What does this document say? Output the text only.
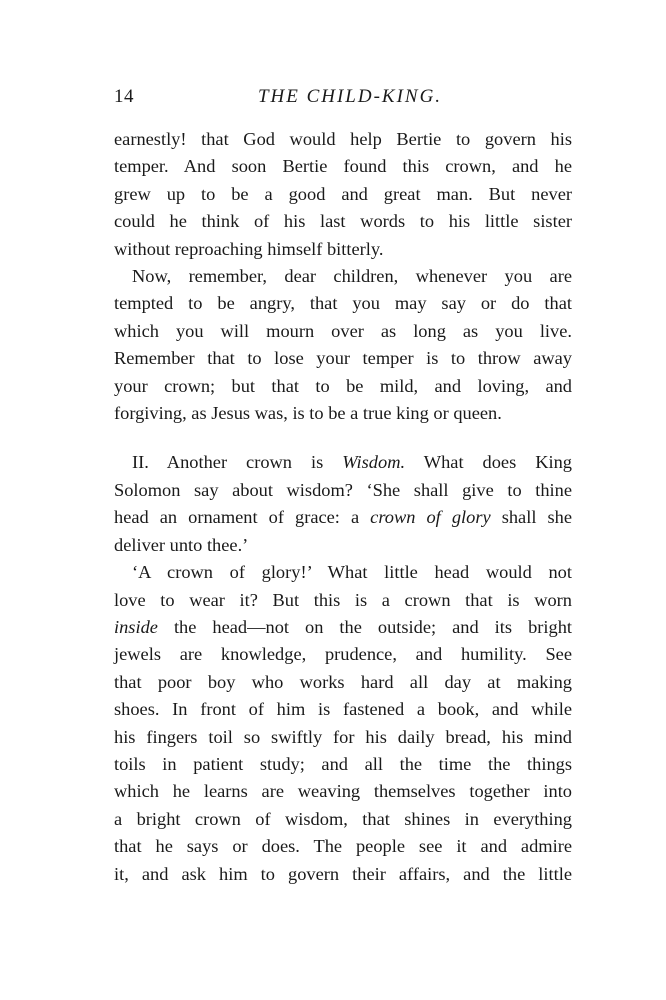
14	THE CHILD-KING.

earnestly! that God would help Bertie to govern his
temper. And soon Bertie found this crown, and he
grew up to be a good and great man. But never
could he think of his last words to his little sister
without reproaching himself bitterly.

Now, remember, dear children, whenever you are
tempted to be angry, that you may say or do that
which you will mourn over as long as you live.
Remember that to lose your temper is to throw away
your crown; but that to be mild, and loving, and
forgiving, as Jesus was, is to be a true king or queen.

II. Another crown is Wisdom. What does King
Solomon say about wisdom? ‘She shall give to thine
head an ornament of grace: a crown of glory shall she
deliver unto thee.’

‘A crown of glory!’ What little head would not
love to wear it? But this is a crown that is worn
inside the head—not on the outside; and its bright
jewels are knowledge, prudence, and humility. See
that poor boy who works hard all day at making
shoes. In front of him is fastened a book, and while
his fingers toil so swiftly for his daily bread, his mind
toils in patient study; and all the time the things
which he learns are weaving themselves together into
a bright crown of wisdom, that shines in everything
that he says or does. The people see it and admire
it, and ask him to govern their affairs, and the little
